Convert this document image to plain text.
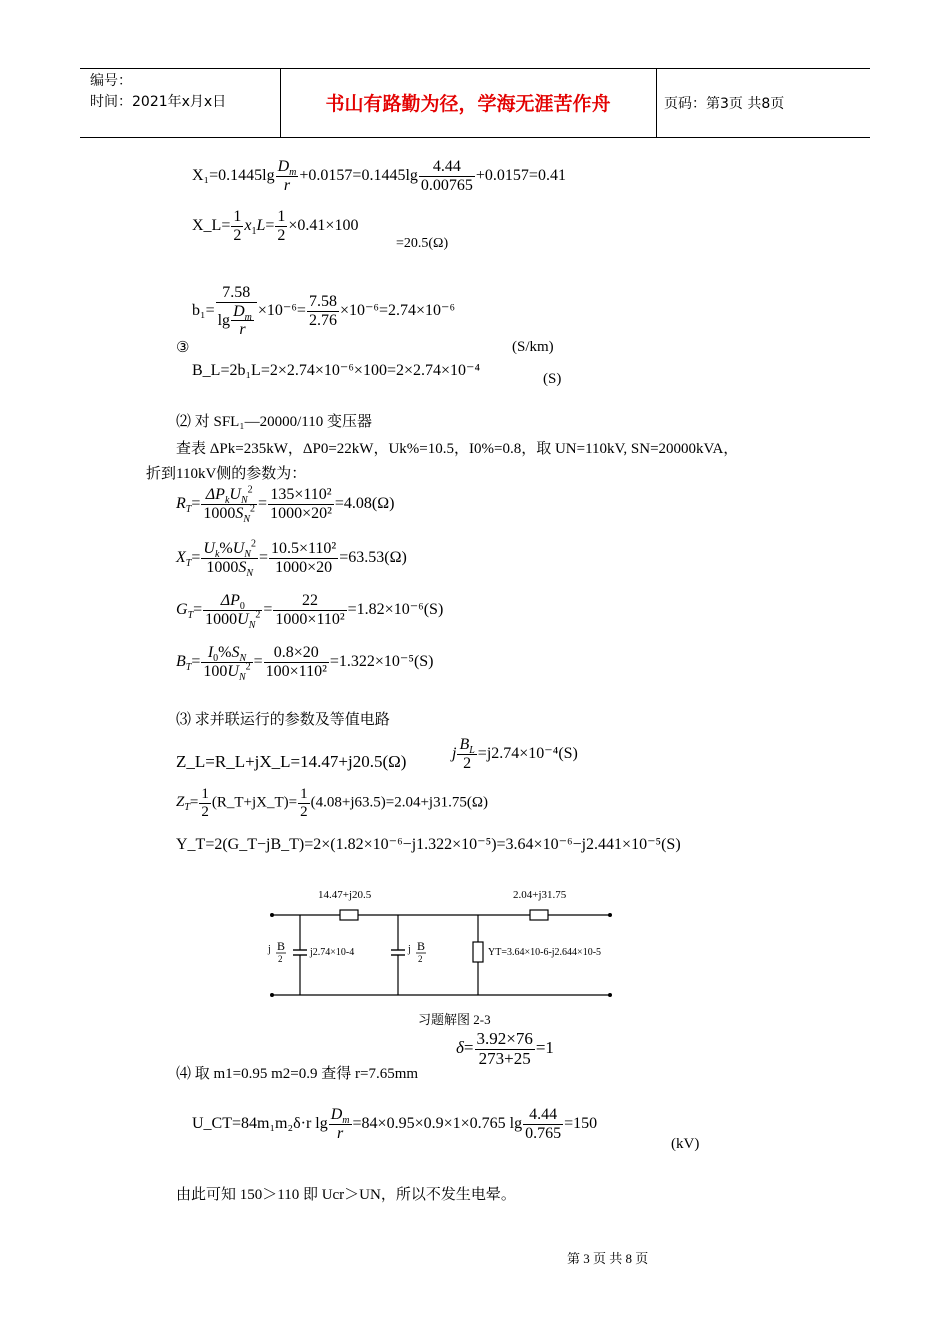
编号：
时间：2021年x月x日	书山有路勤为径，学海无涯苦作舟	页码：第3页 共8页
$X_1=0.1445\lg \frac{D_m}{r} +0.0157=0.1445\lg \frac{4.44}{0.00765} +0.0157=0.41$
X_L= $\frac{1}{2} x_1L= \frac{1}{2} \times 0.41\times 100$
=20.5(Ω)
$b_1= \frac{7.58}{\lg \frac{D_m}{r}} \times 10^{-6}= \frac{7.58}{2.76} \times 10^{-6}=2.74\times 10^{-6}$
③	(S/km)
B_L=2b₁L=2×2.74×10⁻⁶×100=2×2.74×10⁻⁴	(S)
⑵ 对 SFL₁—20000/110 变压器
查表 ΔPk=235kW，ΔP0=22kW，Uk%=10.5，I0%=0.8，取 UN=110kV, SN=20000kVA，
折到110kV侧的参数为：
$R_T= \frac{\Delta P_kU_N^2}{1000S_N^2} = \frac{\text{135×110²}}{\text{1000×20²}} =4.08(\Omega)$
$X_T= \frac{U_k\%U_N^2}{1000S_N} = \frac{\text{10.5×110²}}{1000\times 20} =63.53(\Omega)$
$G_T= \frac{\Delta P_0}{1000U_N^2} = \frac{22}{\text{1000×110²}} =1.82\times 10^{-6}(S)$
$B_T= \frac{I_0\%S_N}{100U_N^2} = \frac{0.8\times 20}{\text{100×110²}} =1.322\times 10^{-5}(S)$
⑶ 求并联运行的参数及等值电路
Z_L=R_L+jX_L=14.47+j20.5(Ω)	j $\frac{B_L}{2} =j2.74\times 10^{-4}(S)$
$Z_T= \frac{1}{2}$ (R_T+jX_T)= $\frac{1}{2} (4.08+j63.5)=2.04+j31.75(\Omega)$
Y_T=2(G_T−jB_T)=2×(1.82×10⁻⁶−j1.322×10⁻⁵)=3.64×10⁻⁶−j2.441×10⁻⁵(S)
14.47+j20.5	2.04+j31.75
j2.74×10-4	YT=3.64×10-6-j2.644×10-5
j B
2
j B
2
习题解图 2-3
$\delta= \frac{3.92\times 76}{273+25} =1$
⑷ 取 m1=0.95 m2=0.9 查得 r=7.65mm
U_CT=84m₁m₂δ·r $\lg \frac{D_m}{r} =84\times 0.95\times 0.9\times 1\times 0.765$ $\lg \frac{4.44}{0.765} =150$
(kV)
由此可知 150＞110 即 Ucr＞UN，所以不发生电晕。
第 3 页 共 8 页
